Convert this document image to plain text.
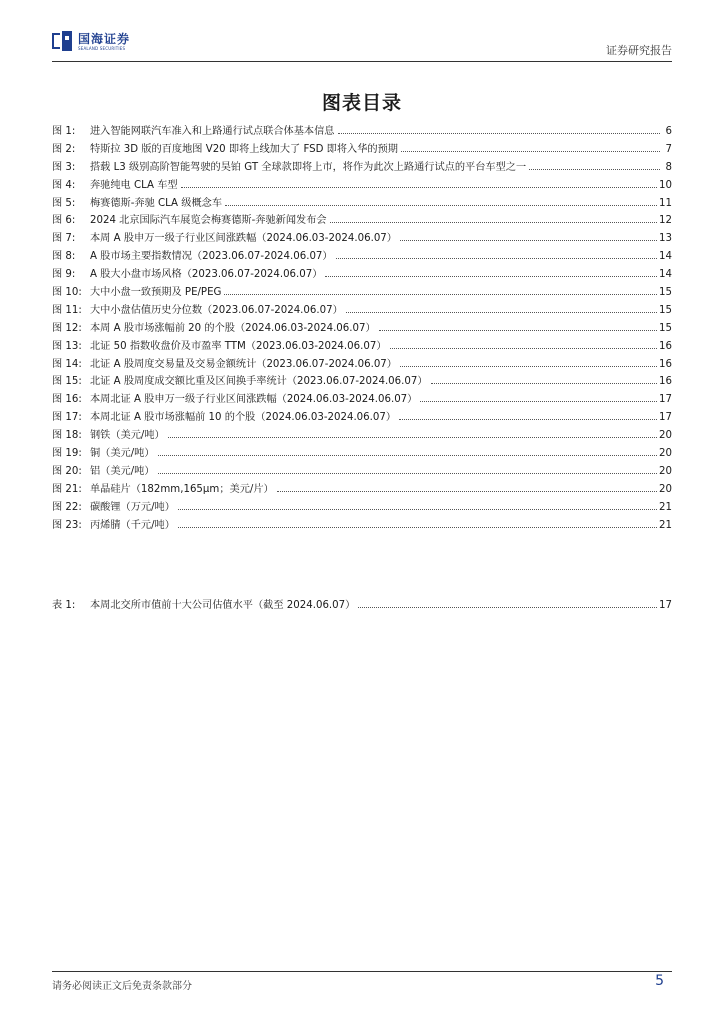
国海证券
SEALAND SECURITIES	证券研究报告
图表目录
图 1:	进入智能网联汽车准入和上路通行试点联合体基本信息	6
图 2:	特斯拉 3D 版的百度地图 V20 即将上线加大了 FSD 即将入华的预期	7
图 3:	搭载 L3 级别高阶智能驾驶的昊铂 GT 全球款即将上市，将作为此次上路通行试点的平台车型之一	8
图 4:	奔驰纯电 CLA 车型	10
图 5:	梅赛德斯-奔驰 CLA 级概念车	11
图 6:	2024 北京国际汽车展览会梅赛德斯-奔驰新闻发布会	12
图 7:	本周 A 股申万一级子行业区间涨跌幅（2024.06.03-2024.06.07）	13
图 8:	A 股市场主要指数情况（2023.06.07-2024.06.07）	14
图 9:	A 股大小盘市场风格（2023.06.07-2024.06.07）	14
图 10: 大中小盘一致预期及 PE/PEG	15
图 11: 大中小盘估值历史分位数（2023.06.07-2024.06.07）	15
图 12: 本周 A 股市场涨幅前 20 的个股（2024.06.03-2024.06.07）	15
图 13: 北证 50 指数收盘价及市盈率 TTM（2023.06.03-2024.06.07）	16
图 14: 北证 A 股周度交易量及交易金额统计（2023.06.07-2024.06.07）	16
图 15: 北证 A 股周度成交额比重及区间换手率统计（2023.06.07-2024.06.07）	16
图 16: 本周北证 A 股申万一级子行业区间涨跌幅（2024.06.03-2024.06.07）	17
图 17: 本周北证 A 股市场涨幅前 10 的个股（2024.06.03-2024.06.07）	17
图 18: 钢铁（美元/吨）	20
图 19: 铜（美元/吨）	20
图 20: 铝（美元/吨）	20
图 21: 单晶硅片（182mm,165μm；美元/片）	20
图 22: 碳酸锂（万元/吨）	21
图 23: 丙烯腈（千元/吨）	21
表 1:	本周北交所市值前十大公司估值水平（截至 2024.06.07）	17
请务必阅读正文后免责条款部分	5
